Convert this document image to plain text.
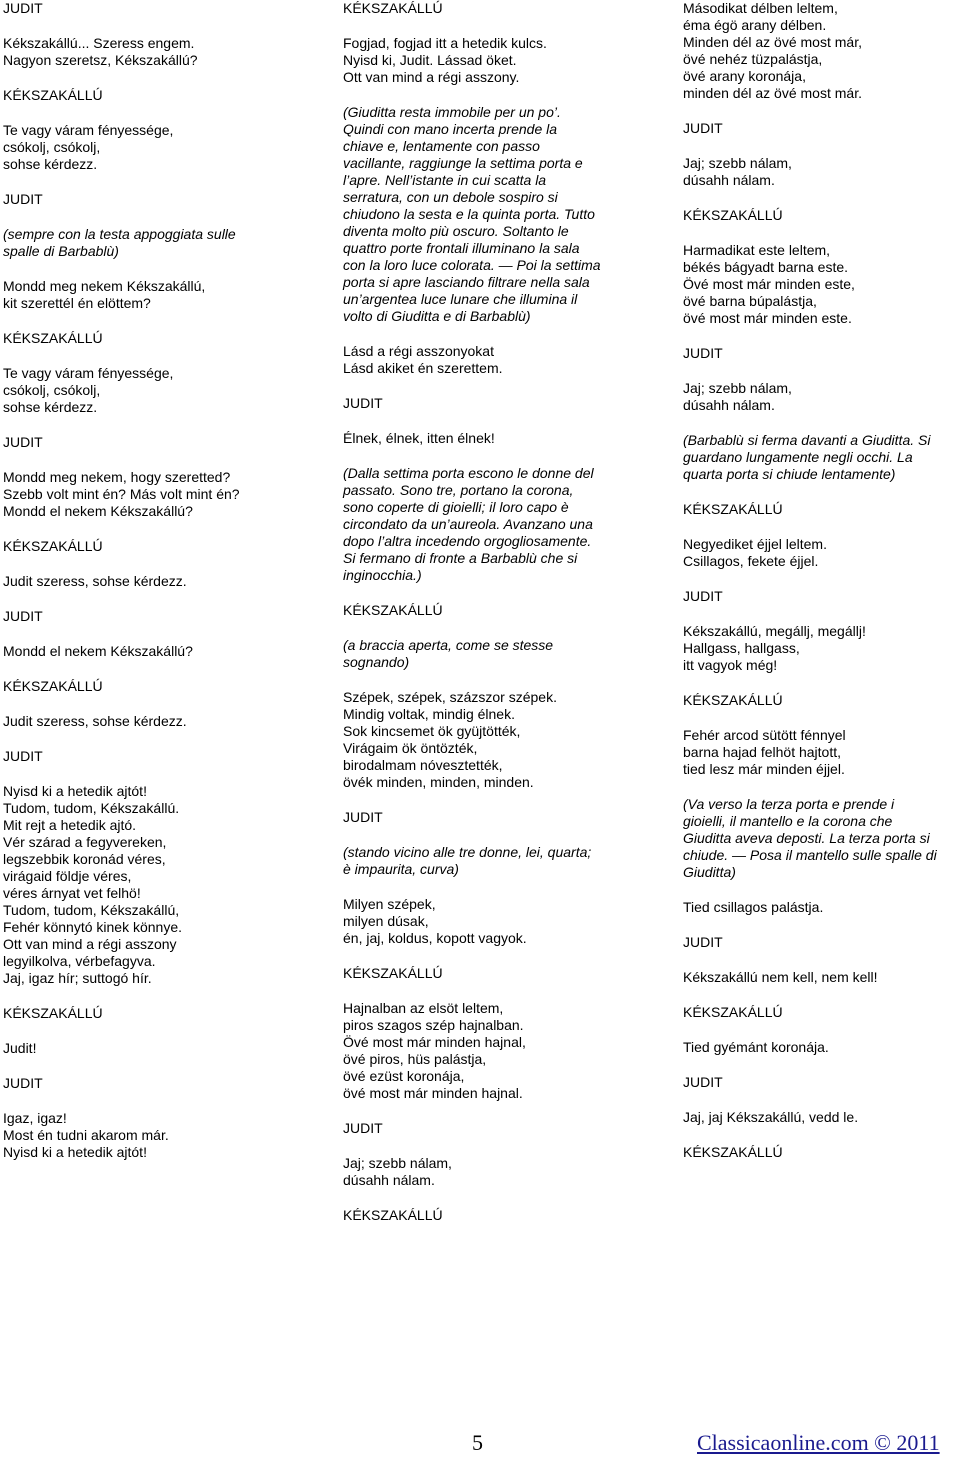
JUDIT

Kékszakállú... Szeress engem.
Nagyon szeretsz, Kékszakállú?

KÉKSZAKÁLLÚ

Te vagy váram fényessége,
csókolj, csókolj,
sohse kérdezz.

JUDIT

(sempre con la testa appoggiata sulle
spalle di Barbablù)

Mondd meg nekem Kékszakállú,
kit szerettél én elöttem?

KÉKSZAKÁLLÚ

Te vagy váram fényessége,
csókolj, csókolj,
sohse kérdezz.

JUDIT

Mondd meg nekem, hogy szeretted?
Szebb volt mint én? Más volt mint én?
Mondd el nekem Kékszakállú?

KÉKSZAKÁLLÚ

Judit szeress, sohse kérdezz.

JUDIT

Mondd el nekem Kékszakállú?

KÉKSZAKÁLLÚ

Judit szeress, sohse kérdezz.

JUDIT

Nyisd ki a hetedik ajtót!
Tudom, tudom, Kékszakállú.
Mit rejt a hetedik ajtó.
Vér szárad a fegyvereken,
legszebbik koronád véres,
virágaid földje véres,
véres árnyat vet felhö!
Tudom, tudom, Kékszakállú,
Fehér könnytó kinek könnye.
Ott van mind a régi asszony
legyilkolva, vérbefagyva.
Jaj, igaz hír; suttogó hír.

KÉKSZAKÁLLÚ

Judit!

JUDIT

Igaz, igaz!
Most én tudni akarom már.
Nyisd ki a hetedik ajtót!

KÉKSZAKÁLLÚ

Fogjad, fogjad itt a hetedik kulcs.
Nyisd ki, Judit. Lássad öket.
Ott van mind a régi asszony.

(Giuditta resta immobile per un po’.
Quindi con mano incerta prende la
chiave e, lentamente con passo
vacillante, raggiunge la settima porta e
l’apre. Nell’istante in cui scatta la
serratura, con un debole sospiro si
chiudono la sesta e la quinta porta. Tutto
diventa molto più oscuro. Soltanto le
quattro porte frontali illuminano la sala
con la loro luce colorata. — Poi la settima
porta si apre lasciando filtrare nella sala
un’argentea luce lunare che illumina il
volto di Giuditta e di Barbablù)

Lásd a régi asszonyokat
Lásd akiket én szerettem.

JUDIT

Élnek, élnek, itten élnek!

(Dalla settima porta escono le donne del
passato. Sono tre, portano la corona,
sono coperte di gioielli; il loro capo è
circondato da un’aureola. Avanzano una
dopo l’altra incedendo orgogliosamente.
Si fermano di fronte a Barbablù che si
inginocchia.)

KÉKSZAKÁLLÚ

(a braccia aperta, come se stesse
sognando)

Szépek, szépek, százszor szépek.
Mindig voltak, mindig élnek.
Sok kincsemet ök gyüjtötték,
Virágaim ök öntözték,
birodalmam nóvesztették,
övék minden, minden, minden.

JUDIT

(stando vicino alle tre donne, lei, quarta;
è impaurita, curva)

Milyen szépek,
milyen dúsak,
én, jaj, koldus, kopott vagyok.

KÉKSZAKÁLLÚ

Hajnalban az elsöt leltem,
piros szagos szép hajnalban.
Övé most már minden hajnal,
övé piros, hüs palástja,
övé ezüst koronája,
övé most már minden hajnal.

JUDIT

Jaj; szebb nálam,
dúsahh nálam.

KÉKSZAKÁLLÚ

Másodikat délben leltem,
éma égö arany délben.
Minden dél az övé most már,
övé nehéz tüzpalástja,
övé arany koronája,
minden dél az övé most már.

JUDIT

Jaj; szebb nálam,
dúsahh nálam.

KÉKSZAKÁLLÚ

Harmadikat este leltem,
békés bágyadt barna este.
Övé most már minden este,
övé barna búpalástja,
övé most már minden este.

JUDIT

Jaj; szebb nálam,
dúsahh nálam.

(Barbablù si ferma davanti a Giuditta. Si
guardano lungamente negli occhi. La
quarta porta si chiude lentamente)

KÉKSZAKÁLLÚ

Negyediket éjjel leltem.
Csillagos, fekete éjjel.

JUDIT

Kékszakállú, megállj, megállj!
Hallgass, hallgass,
itt vagyok még!

KÉKSZAKÁLLÚ

Fehér arcod sütött fénnyel
barna hajad felhöt hajtott,
tied lesz már minden éjjel.

(Va verso la terza porta e prende i
gioielli, il mantello e la corona che
Giuditta aveva deposti. La terza porta si
chiude. — Posa il mantello sulle spalle di
Giuditta)

Tied csillagos palástja.

JUDIT

Kékszakállú nem kell, nem kell!

KÉKSZAKÁLLÚ

Tied gyémánt koronája.

JUDIT

Jaj, jaj Kékszakállú, vedd le.

KÉKSZAKÁLLÚ

5	Classicaonline.com © 2011
